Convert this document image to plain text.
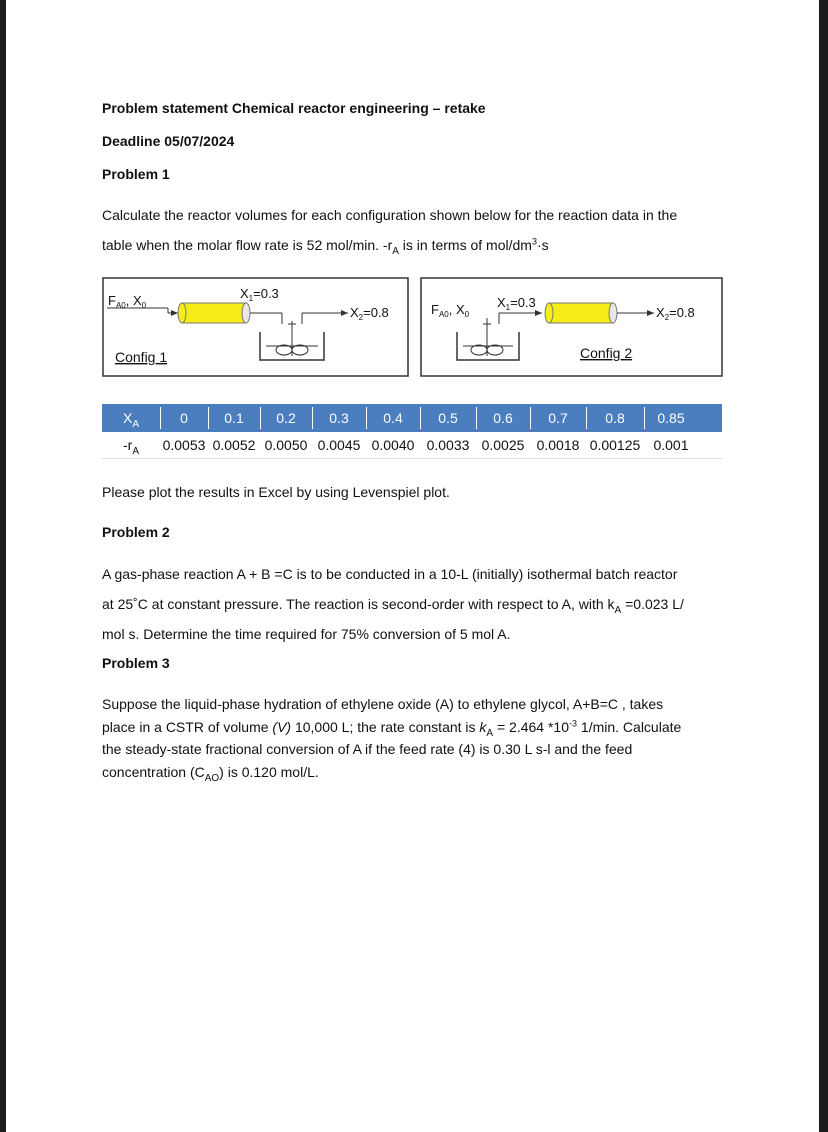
Problem statement Chemical reactor engineering – retake
Deadline 05/07/2024
Problem 1
Calculate the reactor volumes for each configuration shown below for the reaction data in the
table when the molar flow rate is 52 mol/min. $-r_A$ is in terms of mol/$dm^3\cdot s$
$F_{A0}$, $X_0$
$X_1=0.3$
$X_2=0.8$
Config 1
$F_{A0}$, $X_0$
$X_1=0.3$
$X_2=0.8$
Config 2
$X_A$	0	0.1	0.2	0.3	0.4	0.5	0.6	0.7	0.8	0.85
$-r_A$	0.0053 0.0052 0.0050 0.0045 0.0040 0.0033 0.0025 0.0018 0.00125 0.001
Please plot the results in Excel by using Levenspiel plot.
Problem 2
A gas-phase reaction A + B =C is to be conducted in a 10-L (initially) isothermal batch reactor
at 25˚C at constant pressure. The reaction is second-order with respect to A, with $k_A =0.023$ L/
mol s. Determine the time required for 75% conversion of 5 mol A.
Problem 3
Suppose the liquid-phase hydration of ethylene oxide (A) to ethylene glycol, A+B=C , takes
place in a CSTR of volume (V) 10,000 L; the rate constant is $k_A = 2.464$ $*10^{-3}$ 1/min. Calculate
the steady-state fractional conversion of A if the feed rate (4) is 0.30 L s-l and the feed
concentration $(C_{AO})$ is 0.120 mol/L.
